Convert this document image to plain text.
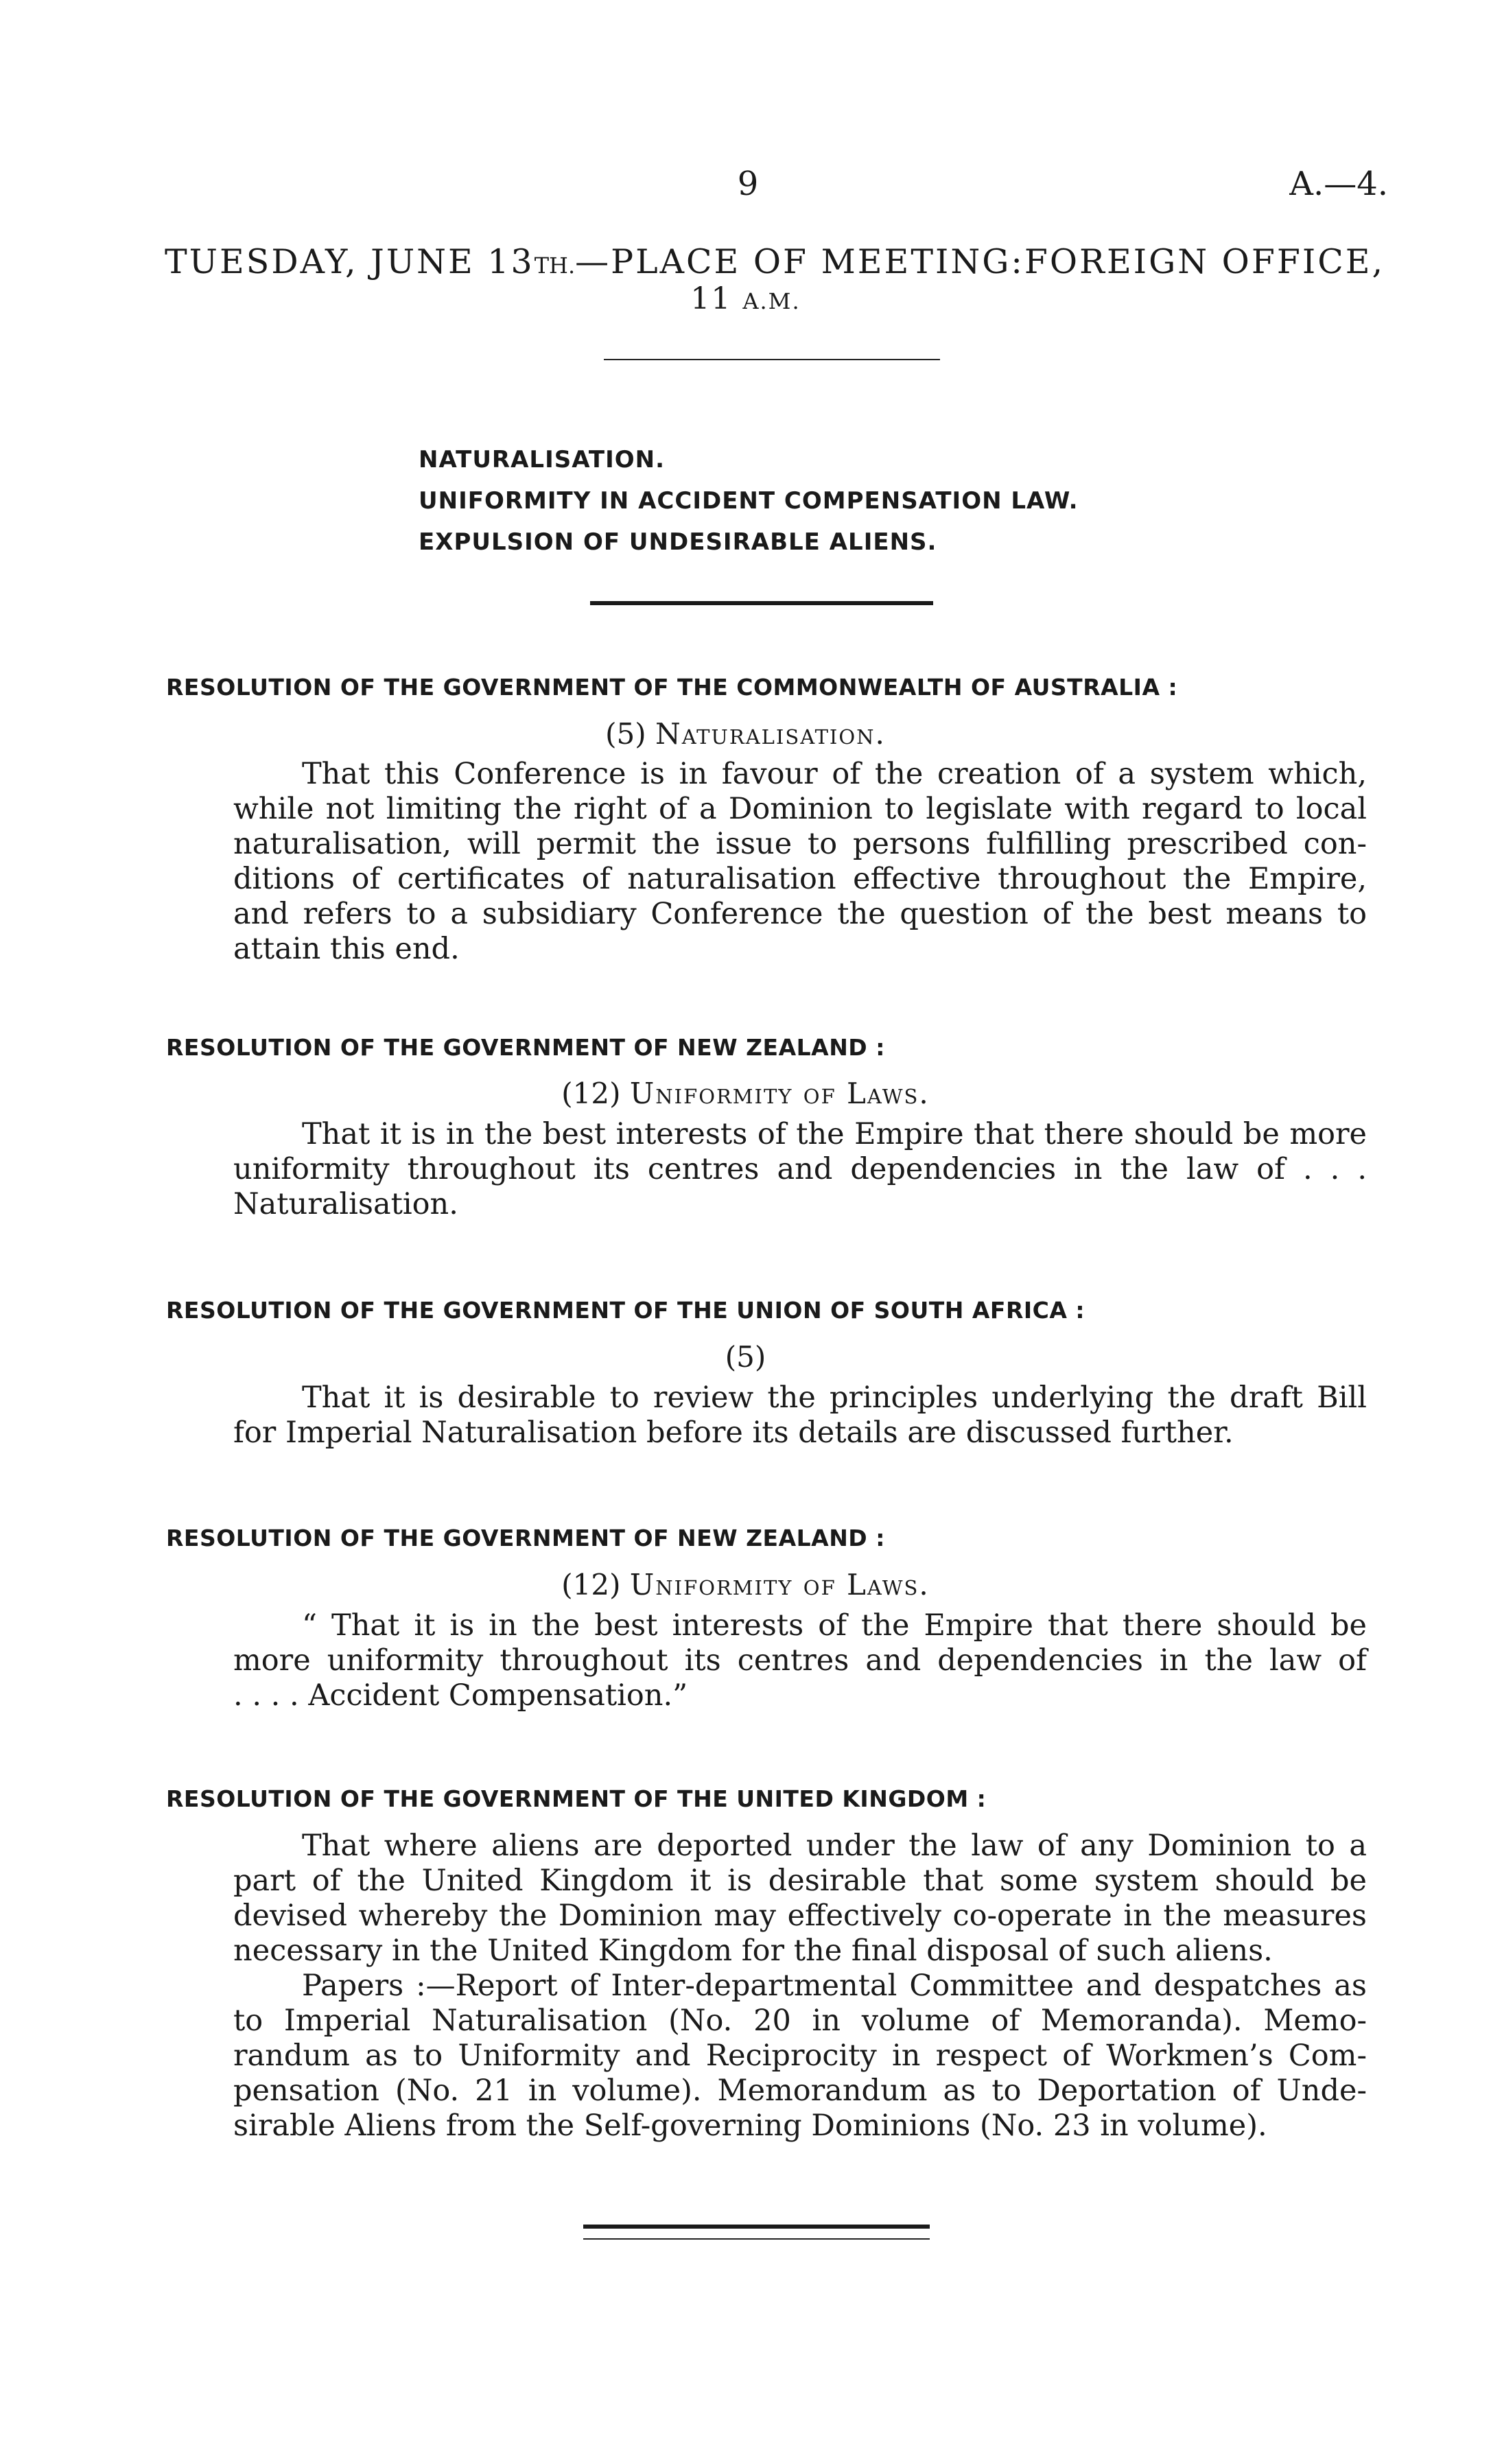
9	A.—4.
TUESDAY, JUNE 13TH.—PLACE OF MEETING: FOREIGN OFFICE,
11 A.M.
NATURALISATION.
UNIFORMITY IN ACCIDENT COMPENSATION LAW.
EXPULSION OF UNDESIRABLE ALIENS.
RESOLUTION OF THE GOVERNMENT OF THE COMMONWEALTH OF AUSTRALIA :
(5) Naturalisation.
That this Conference is in favour of the creation of a system which,
while not limiting the right of a Dominion to legislate with regard to local
naturalisation, will permit the issue to persons fulfilling prescribed con-
ditions of certificates of naturalisation effective throughout the Empire,
and refers to a subsidiary Conference the question of the best means to
attain this end.
RESOLUTION OF THE GOVERNMENT OF NEW ZEALAND :
(12) Uniformity of Laws.
That it is in the best interests of the Empire that there should be more
uniformity throughout its centres and dependencies in the law of . . .
Naturalisation.
RESOLUTION OF THE GOVERNMENT OF THE UNION OF SOUTH AFRICA :
(5)
That it is desirable to review the principles underlying the draft Bill
for Imperial Naturalisation before its details are discussed further.
RESOLUTION OF THE GOVERNMENT OF NEW ZEALAND :
(12) Uniformity of Laws.
“ That it is in the best interests of the Empire that there should be
more uniformity throughout its centres and dependencies in the law of
. . . . Accident Compensation.”
RESOLUTION OF THE GOVERNMENT OF THE UNITED KINGDOM :
That where aliens are deported under the law of any Dominion to a
part of the United Kingdom it is desirable that some system should be
devised whereby the Dominion may effectively co-operate in the measures
necessary in the United Kingdom for the final disposal of such aliens.
Papers :—Report of Inter-departmental Committee and despatches as
to Imperial Naturalisation (No. 20 in volume of Memoranda). Memo-
randum as to Uniformity and Reciprocity in respect of Workmen’s Com-
pensation (No. 21 in volume). Memorandum as to Deportation of Unde-
sirable Aliens from the Self-governing Dominions (No. 23 in volume).
